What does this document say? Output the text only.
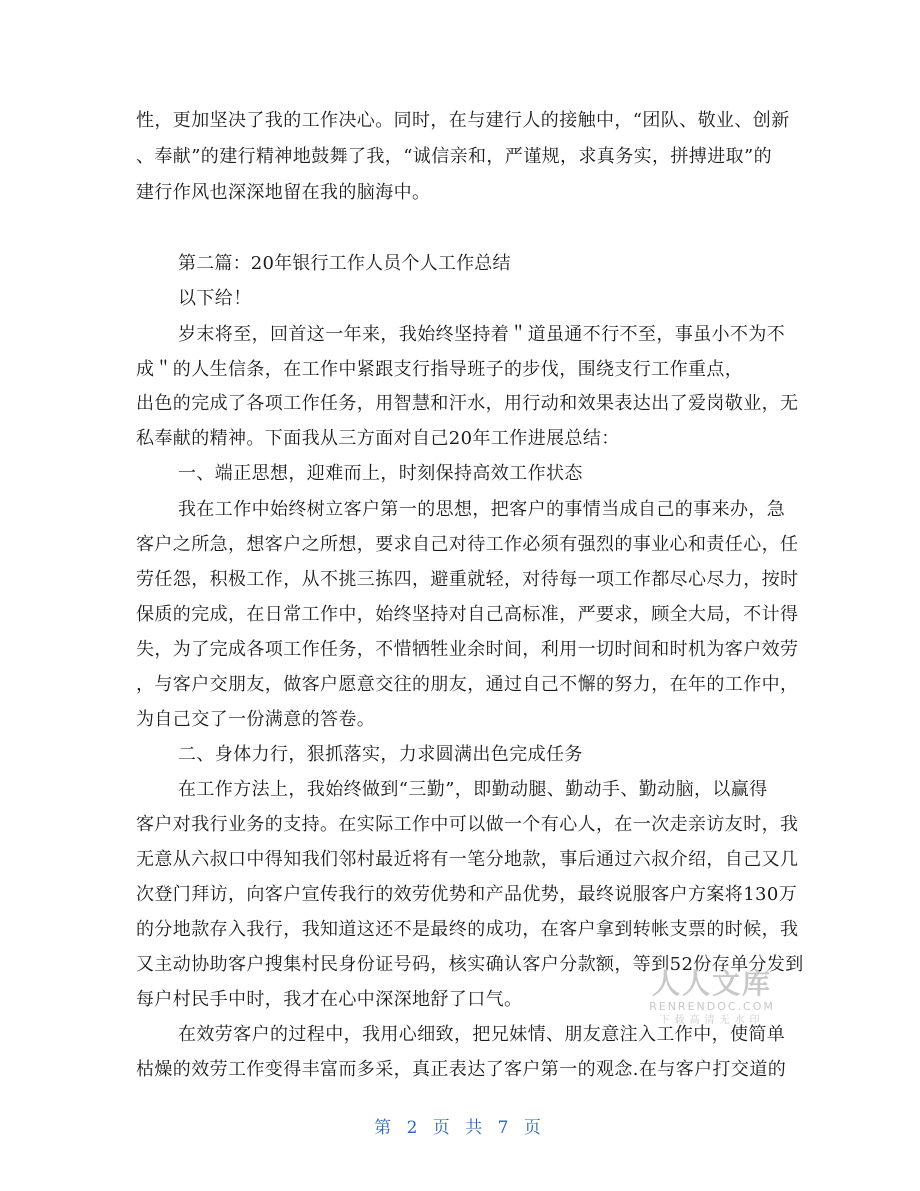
性，更加坚决了我的工作决心。同时，在与建行人的接触中，“团队、敬业、创新
、奉献”的建行精神地鼓舞了我，“诚信亲和，严谨规，求真务实，拼搏进取”的
建行作风也深深地留在我的脑海中。
第二篇：20年银行工作人员个人工作总结
以下给！
岁末将至，回首这一年来，我始终坚持着＂道虽通不行不至，事虽小不为不
成＂的人生信条，在工作中紧跟支行指导班子的步伐，围绕支行工作重点，
出色的完成了各项工作任务，用智慧和汗水，用行动和效果表达出了爱岗敬业，无
私奉献的精神。下面我从三方面对自己20年工作进展总结：
一、端正思想，迎难而上，时刻保持高效工作状态
我在工作中始终树立客户第一的思想，把客户的事情当成自己的事来办，急
客户之所急，想客户之所想，要求自己对待工作必须有强烈的事业心和责任心，任
劳任怨，积极工作，从不挑三拣四，避重就轻，对待每一项工作都尽心尽力，按时
保质的完成，在日常工作中，始终坚持对自己高标准，严要求，顾全大局，不计得
失，为了完成各项工作任务，不惜牺牲业余时间，利用一切时间和时机为客户效劳
，与客户交朋友，做客户愿意交往的朋友，通过自己不懈的努力，在年的工作中，
为自己交了一份满意的答卷。
二、身体力行，狠抓落实，力求圆满出色完成任务
在工作方法上，我始终做到“三勤”，即勤动腿、勤动手、勤动脑，以赢得
客户对我行业务的支持。在实际工作中可以做一个有心人，在一次走亲访友时，我
无意从六叔口中得知我们邻村最近将有一笔分地款，事后通过六叔介绍，自己又几
次登门拜访，向客户宣传我行的效劳优势和产品优势，最终说服客户方案将130万
的分地款存入我行，我知道这还不是最终的成功，在客户拿到转帐支票的时候，我
又主动协助客户搜集村民身份证号码，核实确认客户分款额，等到52份存单分发到
每户村民手中时，我才在心中深深地舒了口气。
在效劳客户的过程中，我用心细致，把兄妹情、朋友意注入工作中，使简单
枯燥的效劳工作变得丰富而多采，真正表达了客户第一的观念.在与客户打交道的
人人文库
RENRENDOC.COM
下载高清无水印
第 2 页 共 7 页
